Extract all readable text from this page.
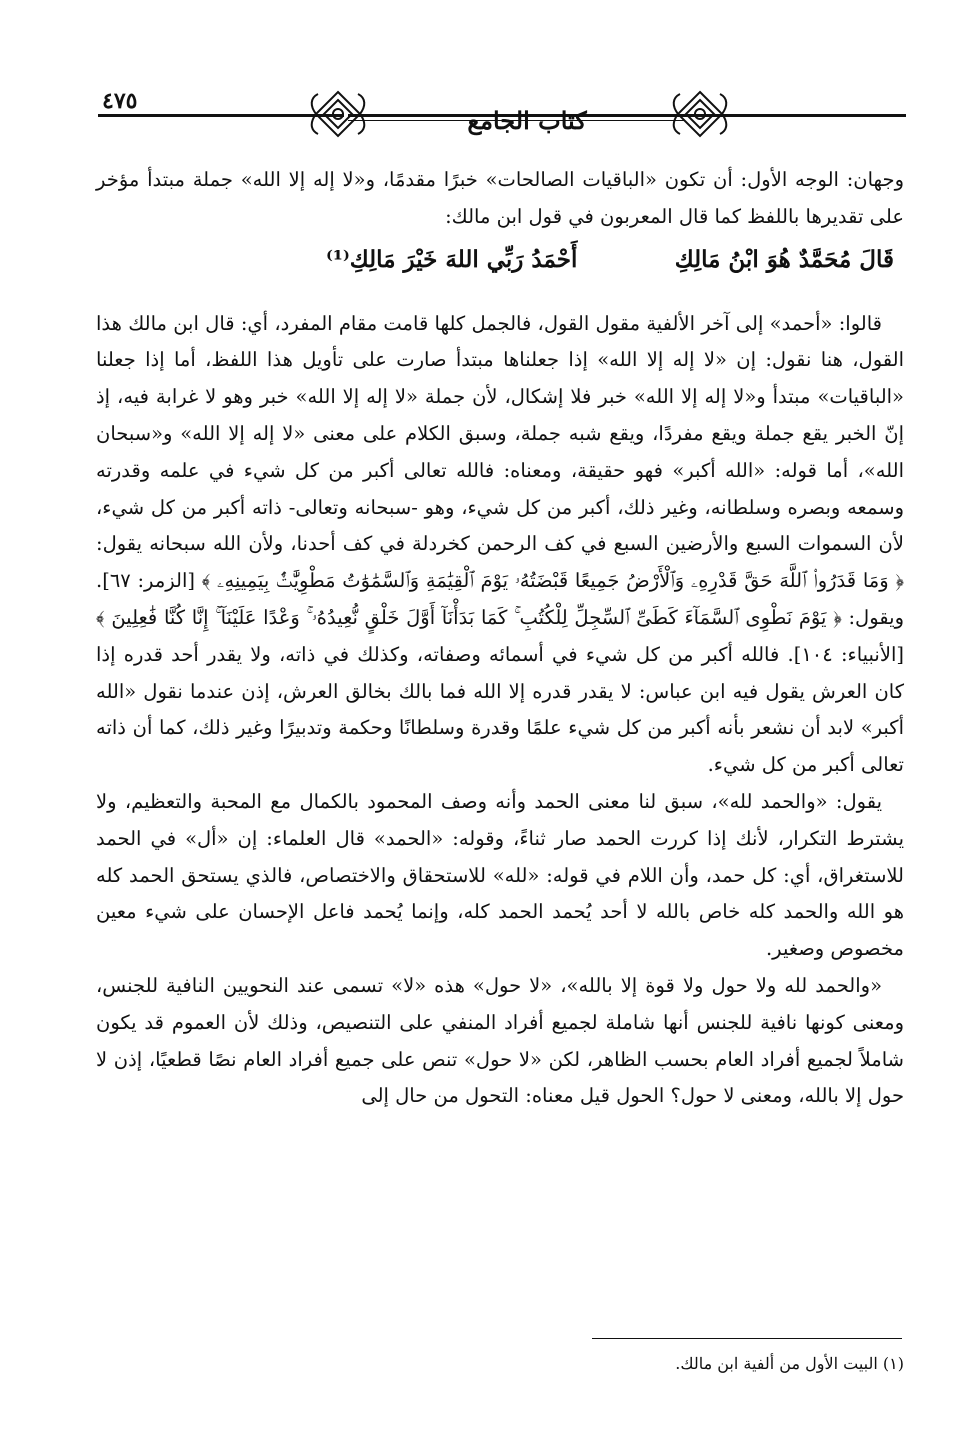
كتاب الجامع
٤٧٥

وجهان: الوجه الأول: أن تكون «الباقيات الصالحات» خبرًا مقدمًا، و«لا إله إلا الله» جملة مبتدأ مؤخر على تقديرها باللفظ كما قال المعربون في قول ابن مالك:

قَالَ مُحَمَّدٌ هُوَ ابْنُ مَالِكِ
أَحْمَدُ رَبِّي اللهَ خَيْرَ مَالِكِ⁽¹⁾

قالوا: «أحمد» إلى آخر الألفية مقول القول، فالجمل كلها قامت مقام المفرد، أي: قال ابن مالك هذا القول، هنا نقول: إن «لا إله إلا الله» إذا جعلناها مبتدأ صارت على تأويل هذا اللفظ، أما إذا جعلنا «الباقيات» مبتدأ و«لا إله إلا الله» خبر فلا إشكال، لأن جملة «لا إله إلا الله» خبر وهو لا غرابة فيه، إذ إنّ الخبر يقع جملة ويقع مفردًا، ويقع شبه جملة، وسبق الكلام على معنى «لا إله إلا الله» و«سبحان الله»، أما قوله: «الله أكبر» فهو حقيقة، ومعناه: فالله تعالى أكبر من كل شيء في علمه وقدرته وسمعه وبصره وسلطانه، وغير ذلك، أكبر من كل شيء، وهو -سبحانه وتعالى- ذاته أكبر من كل شيء، لأن السموات السبع والأرضين السبع في كف الرحمن كخردلة في كف أحدنا، ولأن الله سبحانه يقول: ﴿ وَمَا قَدَرُوا۟ ٱللَّهَ حَقَّ قَدْرِهِۦ وَٱلْأَرْضُ جَمِيعًا قَبْضَتُهُۥ يَوْمَ ٱلْقِيَٰمَةِ وَٱلسَّمَٰوَٰتُ مَطْوِيَّٰتٌۢ بِيَمِينِهِۦ ﴾ [الزمر: ٦٧]. ويقول: ﴿ يَوْمَ نَطْوِى ٱلسَّمَآءَ كَطَىِّ ٱلسِّجِلِّ لِلْكُتُبِ ۚ كَمَا بَدَأْنَآ أَوَّلَ خَلْقٍ نُّعِيدُهُۥ ۚ وَعْدًا عَلَيْنَآ ۚ إِنَّا كُنَّا فَٰعِلِينَ ﴾ [الأنبياء: ١٠٤]. فالله أكبر من كل شيء في أسمائه وصفاته، وكذلك في ذاته، ولا يقدر أحد قدره إذا كان العرش يقول فيه ابن عباس: لا يقدر قدره إلا الله فما بالك بخالق العرش، إذن عندما نقول «الله أكبر» لابد أن نشعر بأنه أكبر من كل شيء علمًا وقدرة وسلطانًا وحكمة وتدبيرًا وغير ذلك، كما أن ذاته تعالى أكبر من كل شيء.

يقول: «والحمد لله»، سبق لنا معنى الحمد وأنه وصف المحمود بالكمال مع المحبة والتعظيم، ولا يشترط التكرار، لأنك إذا كررت الحمد صار ثناءً، وقوله: «الحمد» قال العلماء: إن «أل» في الحمد للاستغراق، أي: كل حمد، وأن اللام في قوله: «لله» للاستحقاق والاختصاص، فالذي يستحق الحمد كله هو الله والحمد كله خاص بالله لا أحد يُحمد الحمد كله، وإنما يُحمد فاعل الإحسان على شيء معين مخصوص وصغير.

«والحمد لله ولا حول ولا قوة إلا بالله»، «لا حول» هذه «لا» تسمى عند النحويين النافية للجنس، ومعنى كونها نافية للجنس أنها شاملة لجميع أفراد المنفي على التنصيص، وذلك لأن العموم قد يكون شاملاً لجميع أفراد العام بحسب الظاهر، لكن «لا حول» تنص على جميع أفراد العام نصًا قطعيًا، إذن لا حول إلا بالله، ومعنى لا حول؟ الحول قيل معناه: التحول من حال إلى

(١) البيت الأول من ألفية ابن مالك.
